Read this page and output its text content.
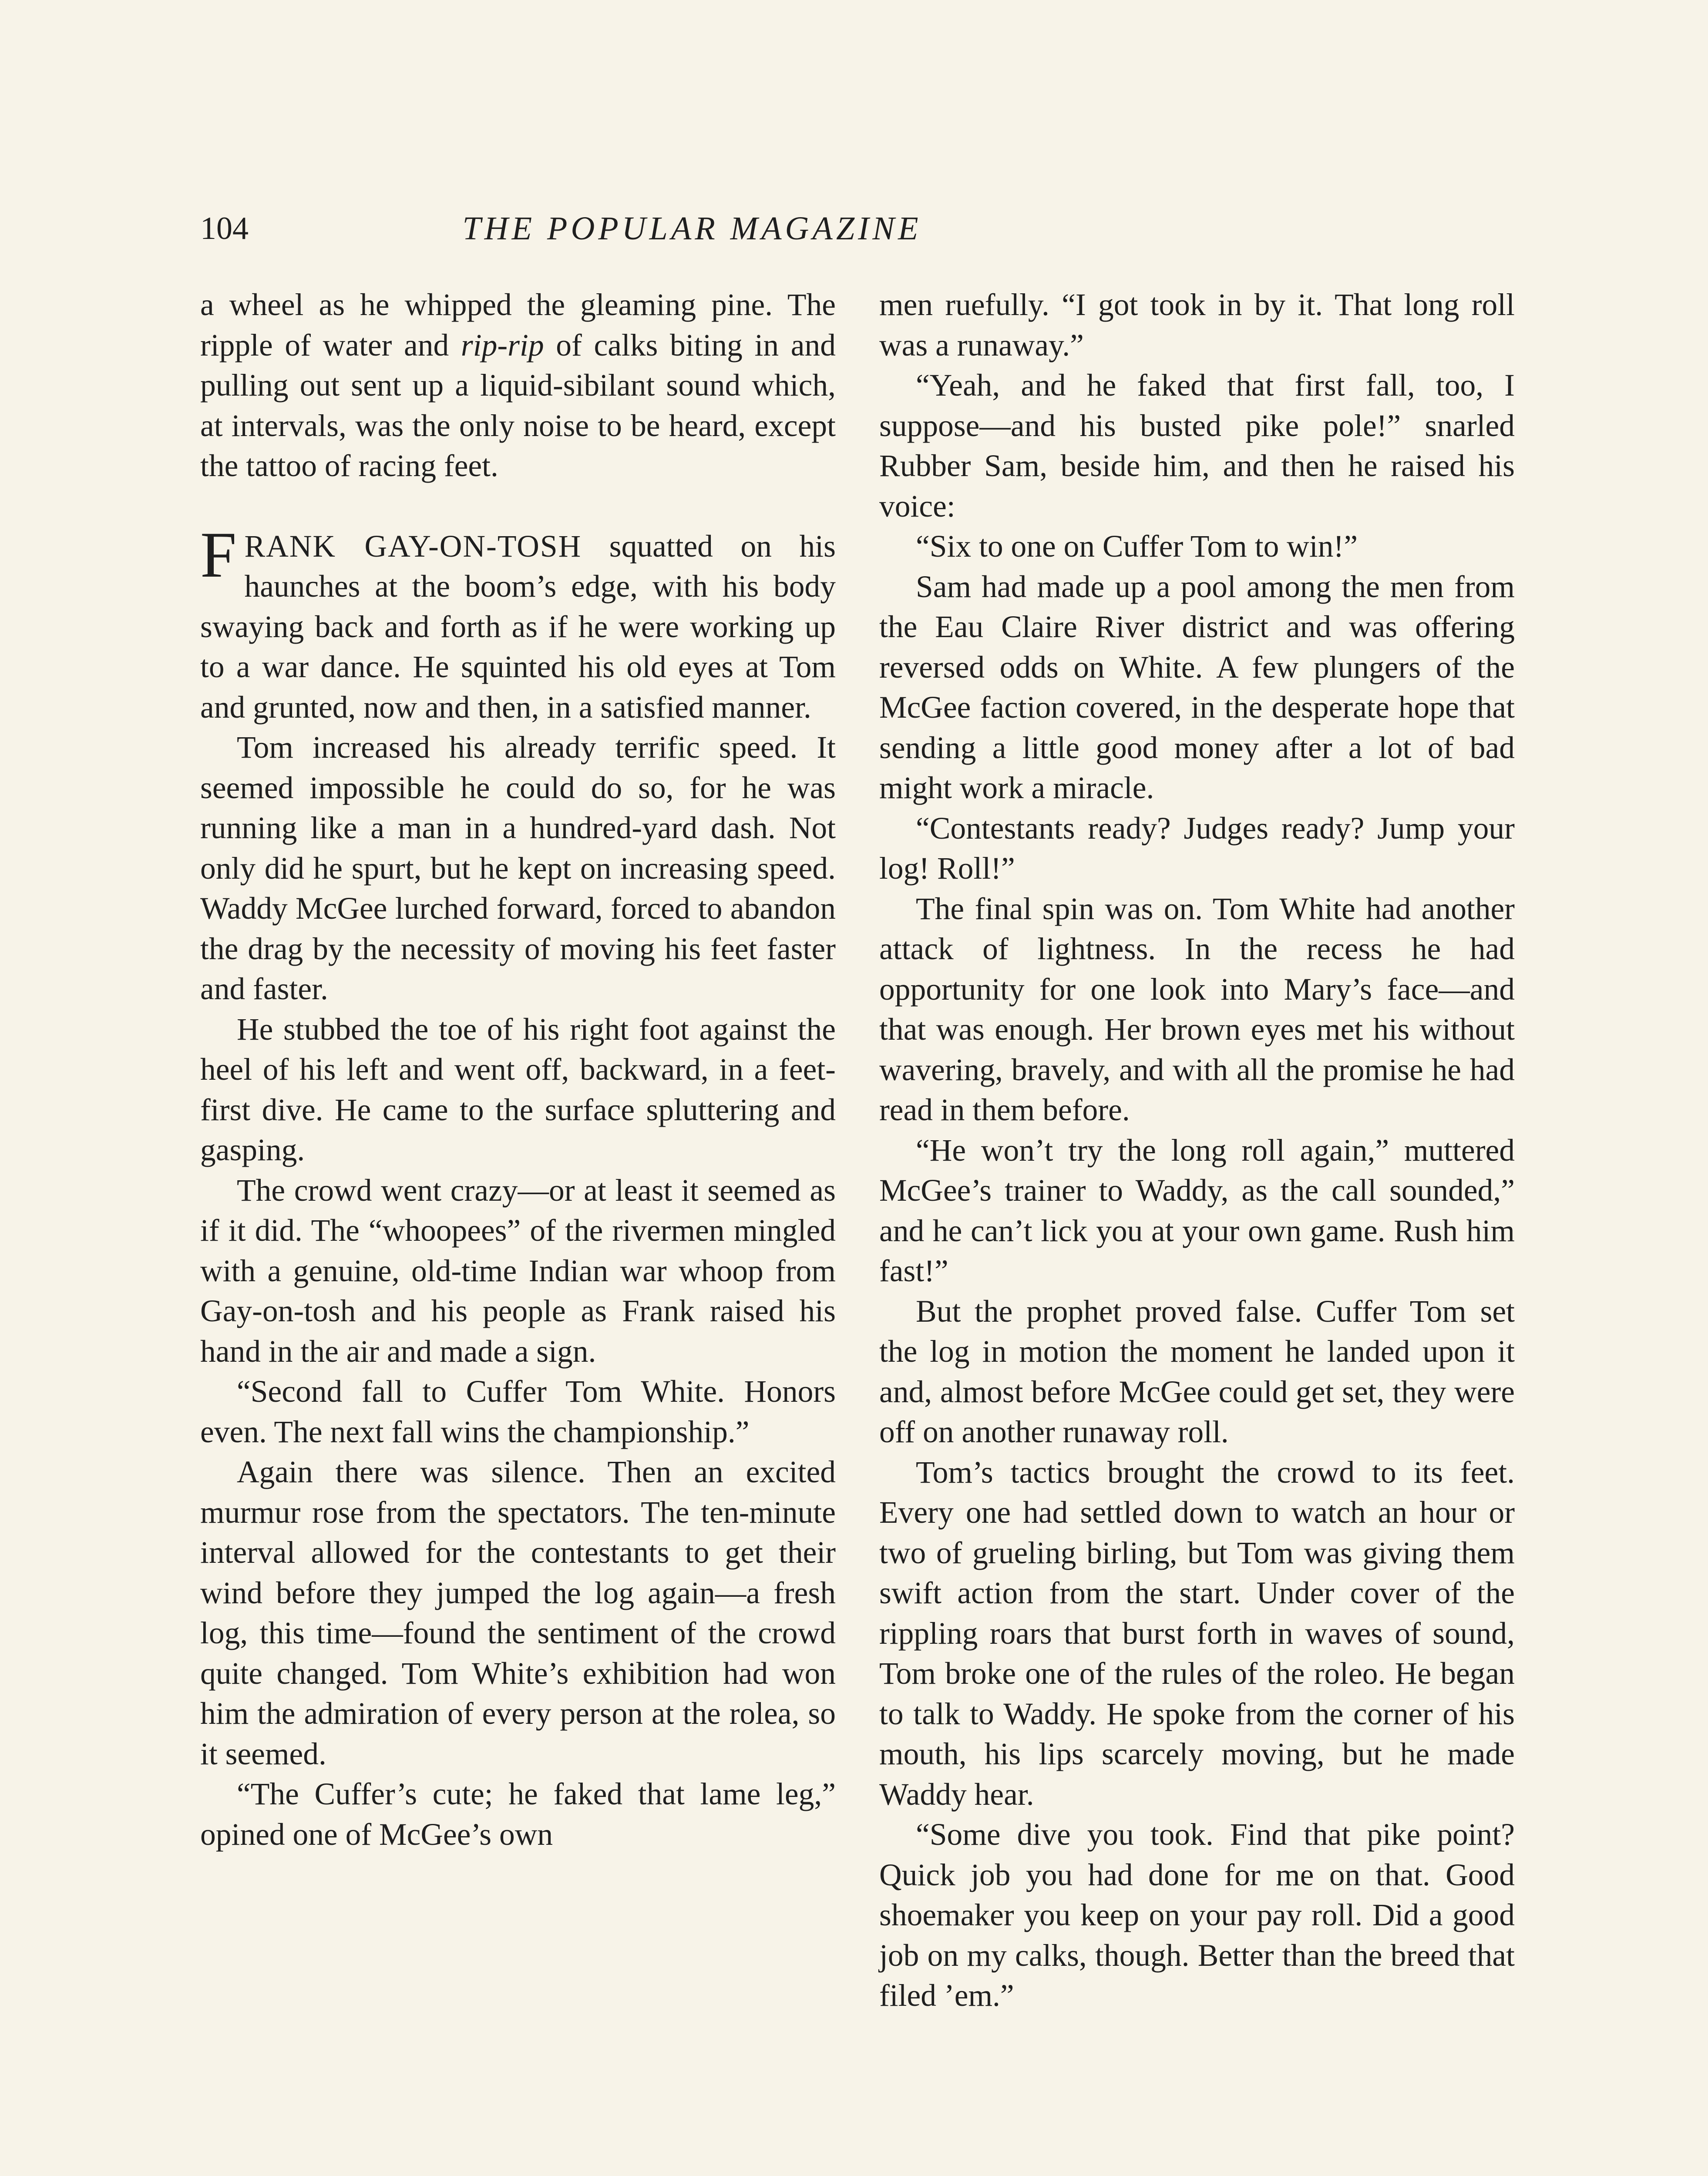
104	THE POPULAR MAGAZINE

a wheel as he whipped the gleaming pine. The ripple of water and rip-rip of calks biting in and pulling out sent up a liquid-sibilant sound which, at intervals, was the only noise to be heard, except the tattoo of racing feet.

FRANK GAY-ON-TOSH squatted on his haunches at the boom’s edge, with his body swaying back and forth as if he were working up to a war dance. He squinted his old eyes at Tom and grunted, now and then, in a satisfied manner.

Tom increased his already terrific speed. It seemed impossible he could do so, for he was running like a man in a hundred-yard dash. Not only did he spurt, but he kept on increasing speed. Waddy McGee lurched forward, forced to abandon the drag by the necessity of moving his feet faster and faster.

He stubbed the toe of his right foot against the heel of his left and went off, backward, in a feet-first dive. He came to the surface spluttering and gasping.

The crowd went crazy—or at least it seemed as if it did. The “whoopees” of the rivermen mingled with a genuine, old-time Indian war whoop from Gay-on-tosh and his people as Frank raised his hand in the air and made a sign.

“Second fall to Cuffer Tom White. Honors even. The next fall wins the championship.”

Again there was silence. Then an excited murmur rose from the spectators. The ten-minute interval allowed for the contestants to get their wind before they jumped the log again—a fresh log, this time—found the sentiment of the crowd quite changed. Tom White’s exhibition had won him the admiration of every person at the rolea, so it seemed.

“The Cuffer’s cute; he faked that lame leg,” opined one of McGee’s own

men ruefully. “I got took in by it. That long roll was a runaway.”

“Yeah, and he faked that first fall, too, I suppose—and his busted pike pole!” snarled Rubber Sam, beside him, and then he raised his voice:

“Six to one on Cuffer Tom to win!”

Sam had made up a pool among the men from the Eau Claire River district and was offering reversed odds on White. A few plungers of the McGee faction covered, in the desperate hope that sending a little good money after a lot of bad might work a miracle.

“Contestants ready? Judges ready? Jump your log! Roll!”

The final spin was on. Tom White had another attack of lightness. In the recess he had opportunity for one look into Mary’s face—and that was enough. Her brown eyes met his without wavering, bravely, and with all the promise he had read in them before.

“He won’t try the long roll again,” muttered McGee’s trainer to Waddy, as the call sounded,” and he can’t lick you at your own game. Rush him fast!”

But the prophet proved false. Cuffer Tom set the log in motion the moment he landed upon it and, almost before McGee could get set, they were off on another runaway roll.

Tom’s tactics brought the crowd to its feet. Every one had settled down to watch an hour or two of grueling birling, but Tom was giving them swift action from the start. Under cover of the rippling roars that burst forth in waves of sound, Tom broke one of the rules of the roleo. He began to talk to Waddy. He spoke from the corner of his mouth, his lips scarcely moving, but he made Waddy hear.

“Some dive you took. Find that pike point? Quick job you had done for me on that. Good shoemaker you keep on your pay roll. Did a good job on my calks, though. Better than the breed that filed ’em.”
